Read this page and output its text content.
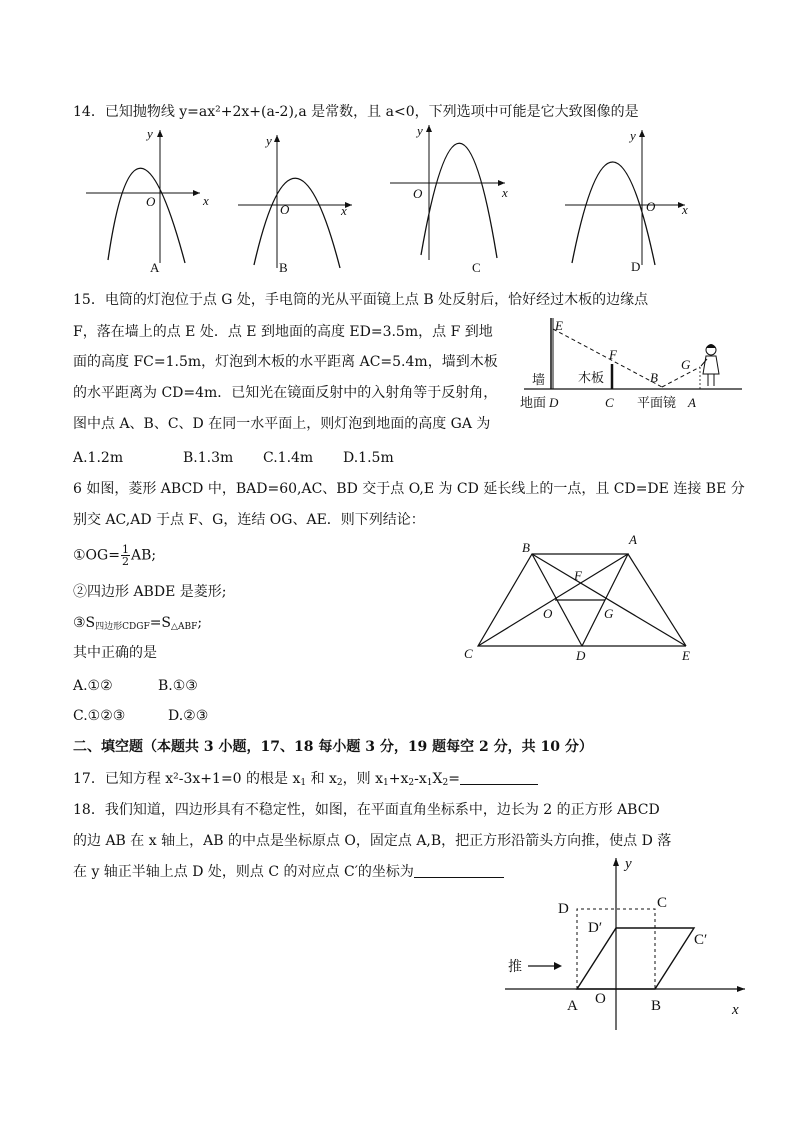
14．已知抛物线 y=ax²+2x+(a-2),a 是常数，且 a<0，下列选项中可能是它大致图像的是
y
x
O
A
y
x
O
B
y
x
O
C
y
x
O
D
15．电筒的灯泡位于点 G 处，手电筒的光从平面镜上点 B 处反射后，恰好经过木板的边缘点
F，落在墙上的点 E 处．点 E 到地面的高度 ED=3.5m，点 F 到地
面的高度 FC=1.5m，灯泡到木板的水平距离 AC=5.4m，墙到木板
的水平距离为 CD=4m．已知光在镜面反射中的入射角等于反射角，
图中点 A、B、C、D 在同一水平面上，则灯泡到地面的高度 GA 为
A.1.2m	B.1.3m C.1.4m D.1.5m
E
F
G
B
墙	木板
地面 D	C 平面镜 A
6 如图，菱形 ABCD 中，BAD=60,AC、BD 交于点 O,E 为 CD 延长线上的一点，且 CD=DE 连接 BE 分
别交 AC,AD 于点 F、G，连结 OG、AE．则下列结论：
①OG= $\frac{1}{2}$ AB;
②四边形 ABDE 是菱形;
$③S_{四边形CDGF}=S_{\triangle ABF}$;
其中正确的是
A.①②	B.①③
C.①②③	D.②③
B
A
F
O	G
C	D	E
二、填空题（本题共 3 小题，17、18 每小题 3 分，19 题每空 2 分，共 10 分）
17．已知方程 x²-3x+1=0 的根是 $x_1$ 和 $x_2$，则 $x_1+x_2-x_1X_2=$
18．我们知道，四边形具有不稳定性，如图，在平面直角坐标系中，边长为 2 的正方形 ABCD
的边 AB 在 x 轴上，AB 的中点是坐标原点 O，固定点 A,B，把正方形沿箭头方向推，使点 D 落
在 y 轴正半轴上点 D 处，则点 C 的对应点 C′的坐标为	y
x
D	C
D′
C′
推
A O	B
